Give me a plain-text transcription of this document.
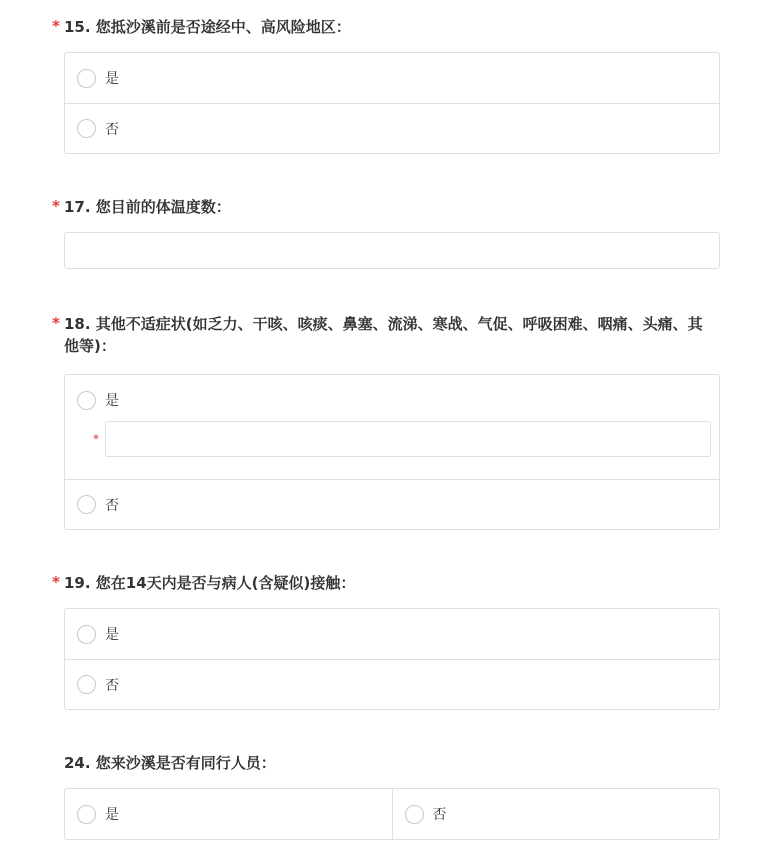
* 15. 您抵沙溪前是否途经中、高风险地区：
是
否
* 17. 您目前的体温度数：
* 18. 其他不适症状(如乏力、干咳、咳痰、鼻塞、流涕、寒战、气促、呼吸困难、咽痛、头痛、其他等)：
是
*
否
* 19. 您在14天内是否与病人(含疑似)接触：
是
否
24. 您来沙溪是否有同行人员：
是	否
